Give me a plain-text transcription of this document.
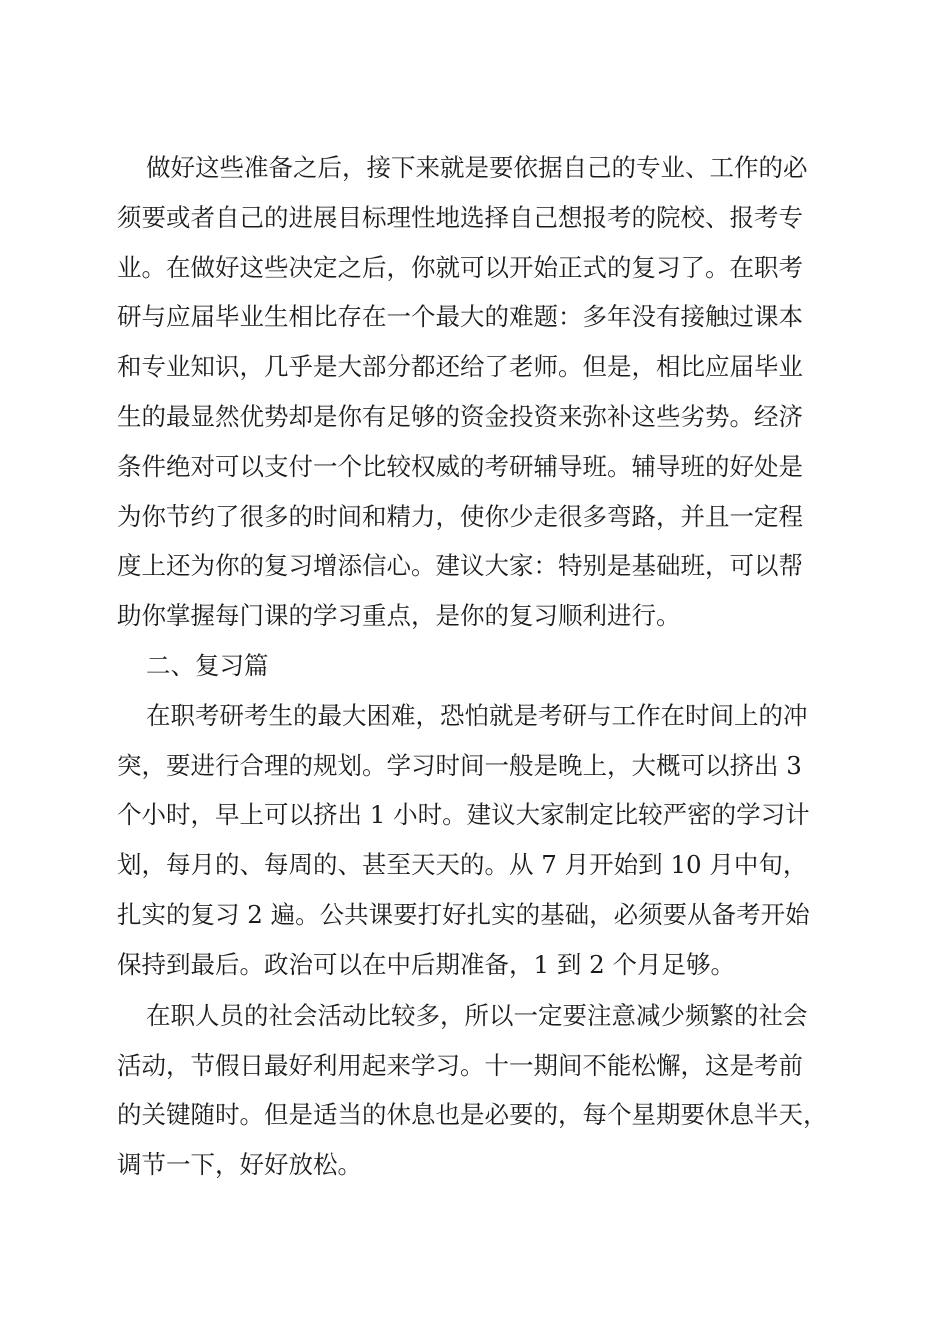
做好这些准备之后，接下来就是要依据自己的专业、工作的必
须要或者自己的进展目标理性地选择自己想报考的院校、报考专
业。在做好这些决定之后，你就可以开始正式的复习了。在职考
研与应届毕业生相比存在一个最大的难题：多年没有接触过课本
和专业知识，几乎是大部分都还给了老师。但是，相比应届毕业
生的最显然优势却是你有足够的资金投资来弥补这些劣势。经济
条件绝对可以支付一个比较权威的考研辅导班。辅导班的好处是
为你节约了很多的时间和精力，使你少走很多弯路，并且一定程
度上还为你的复习增添信心。建议大家：特别是基础班，可以帮
助你掌握每门课的学习重点，是你的复习顺利进行。
二、复习篇
在职考研考生的最大困难，恐怕就是考研与工作在时间上的冲
突，要进行合理的规划。学习时间一般是晚上，大概可以挤出 3
个小时，早上可以挤出 1 小时。建议大家制定比较严密的学习计
划，每月的、每周的、甚至天天的。从 7 月开始到 10 月中旬，
扎实的复习 2 遍。公共课要打好扎实的基础，必须要从备考开始
保持到最后。政治可以在中后期准备，1 到 2 个月足够。
在职人员的社会活动比较多，所以一定要注意减少频繁的社会
活动，节假日最好利用起来学习。十一期间不能松懈，这是考前
的关键随时。但是适当的休息也是必要的，每个星期要休息半天，
调节一下，好好放松。
